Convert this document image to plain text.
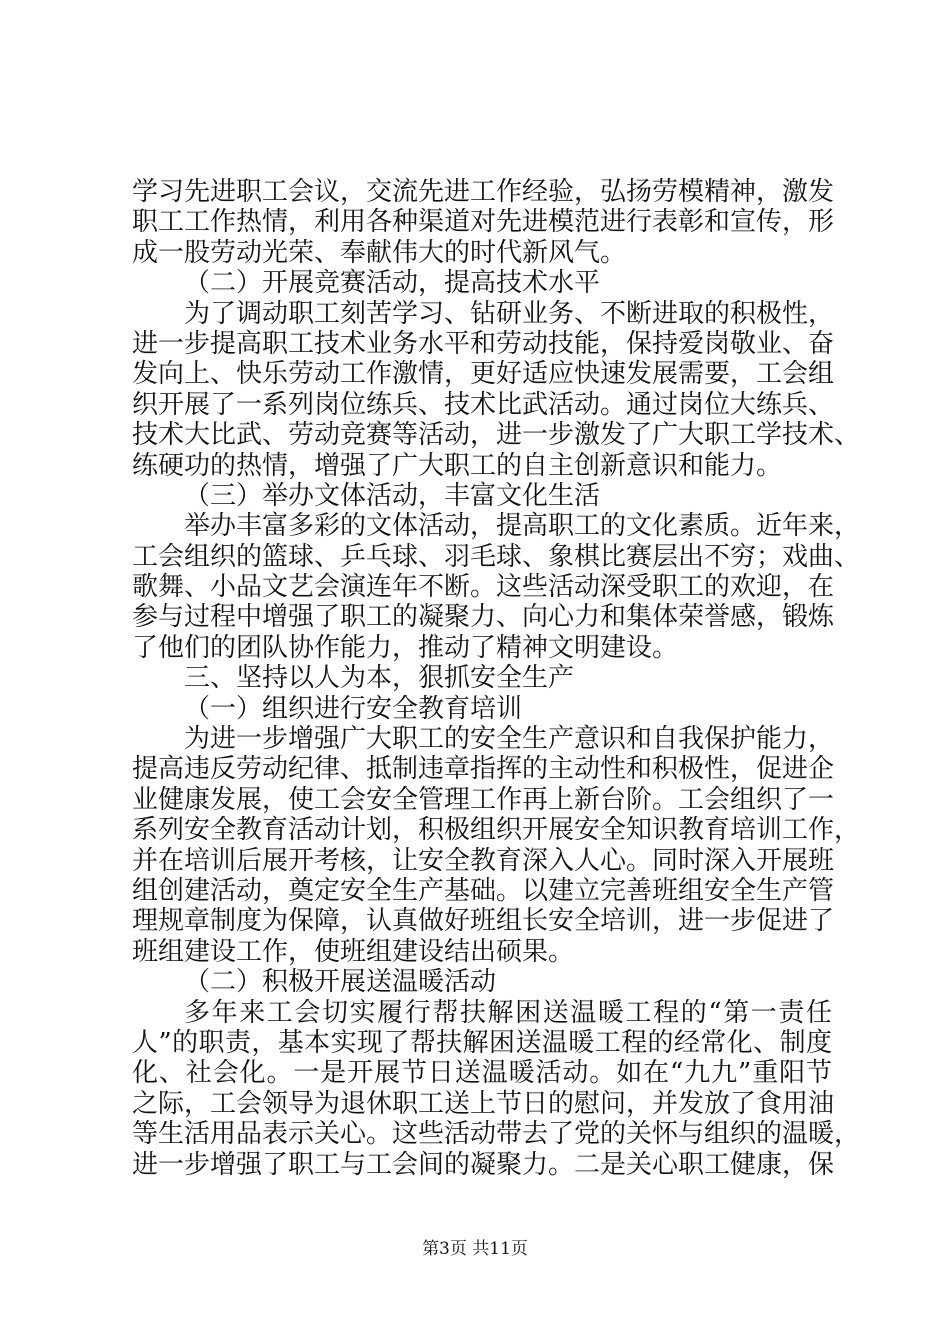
学习先进职工会议，交流先进工作经验，弘扬劳模精神，激发
职工工作热情，利用各种渠道对先进模范进行表彰和宣传，形
成一股劳动光荣、奉献伟大的时代新风气。
（二）开展竞赛活动，提高技术水平
为了调动职工刻苦学习、钻研业务、不断进取的积极性，
进一步提高职工技术业务水平和劳动技能，保持爱岗敬业、奋
发向上、快乐劳动工作激情，更好适应快速发展需要，工会组
织开展了一系列岗位练兵、技术比武活动。通过岗位大练兵、
技术大比武、劳动竞赛等活动，进一步激发了广大职工学技术、
练硬功的热情，增强了广大职工的自主创新意识和能力。
（三）举办文体活动，丰富文化生活
举办丰富多彩的文体活动，提高职工的文化素质。近年来，
工会组织的篮球、乒乓球、羽毛球、象棋比赛层出不穷；戏曲、
歌舞、小品文艺会演连年不断。这些活动深受职工的欢迎，在
参与过程中增强了职工的凝聚力、向心力和集体荣誉感，锻炼
了他们的团队协作能力，推动了精神文明建设。
三、坚持以人为本，狠抓安全生产
（一）组织进行安全教育培训
为进一步增强广大职工的安全生产意识和自我保护能力，
提高违反劳动纪律、抵制违章指挥的主动性和积极性，促进企
业健康发展，使工会安全管理工作再上新台阶。工会组织了一
系列安全教育活动计划，积极组织开展安全知识教育培训工作，
并在培训后展开考核，让安全教育深入人心。同时深入开展班
组创建活动，奠定安全生产基础。以建立完善班组安全生产管
理规章制度为保障，认真做好班组长安全培训，进一步促进了
班组建设工作，使班组建设结出硕果。
（二）积极开展送温暖活动
多年来工会切实履行帮扶解困送温暖工程的“第一责任
人”的职责，基本实现了帮扶解困送温暖工程的经常化、制度
化、社会化。一是开展节日送温暖活动。如在“九九”重阳节
之际，工会领导为退休职工送上节日的慰问，并发放了食用油
等生活用品表示关心。这些活动带去了党的关怀与组织的温暖，
进一步增强了职工与工会间的凝聚力。二是关心职工健康，保
第3页 共11页
